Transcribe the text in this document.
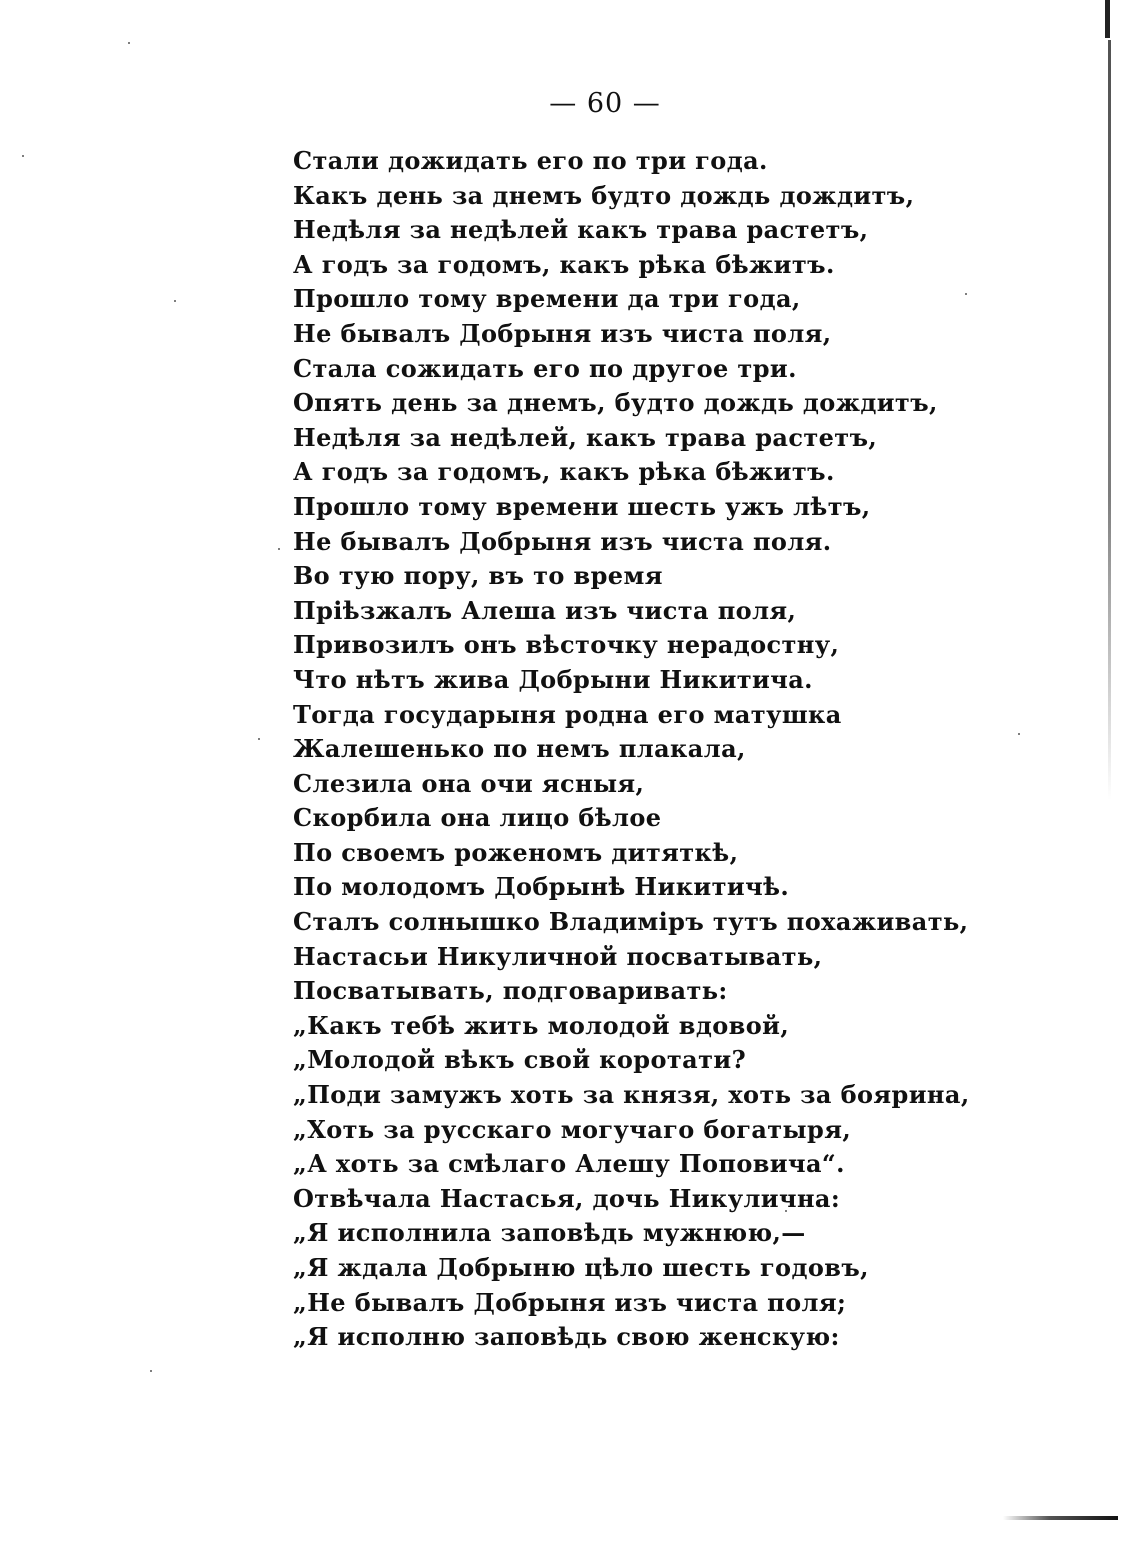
— 60 —
Стали дожидать его по три года.
Какъ день за днемъ будто дождь дождитъ,
Недѣля за недѣлей какъ трава растетъ,
А годъ за годомъ, какъ рѣка бѣжитъ.
Прошло тому времени да три года,
Не бывалъ Добрыня изъ чиста поля,
Стала сожидать его по другое три.
Опять день за днемъ, будто дождь дождитъ,
Недѣля за недѣлей, какъ трава растетъ,
А годъ за годомъ, какъ рѣка бѣжитъ.
Прошло тому времени шесть ужъ лѣтъ,
Не бывалъ Добрыня изъ чиста поля.
Во тую пору, въ то время
Пріѣзжалъ Алеша изъ чиста поля,
Привозилъ онъ вѣсточку нерадостну,
Что нѣтъ жива Добрыни Никитича.
Тогда государыня родна его матушка
Жалешенько по немъ плакала,
Слезила она очи ясныя,
Скорбила она лицо бѣлое
По своемъ роженомъ дитяткѣ,
По молодомъ Добрынѣ Никитичѣ.
Сталъ солнышко Владиміръ тутъ похаживать,
Настасьи Никуличной посватывать,
Посватывать, подговаривать:
„Какъ тебѣ жить молодой вдовой,
„Молодой вѣкъ свой коротати?
„Поди замужъ хоть за князя, хоть за боярина,
„Хоть за русскаго могучаго богатыря,
„А хоть за смѣлаго Алешу Поповича“.
Отвѣчала Настасья, дочь Никулична:
„Я исполнила заповѣдь мужнюю,—
„Я ждала Добрыню цѣло шесть годовъ,
„Не бывалъ Добрыня изъ чиста поля;
„Я исполню заповѣдь свою женскую:
